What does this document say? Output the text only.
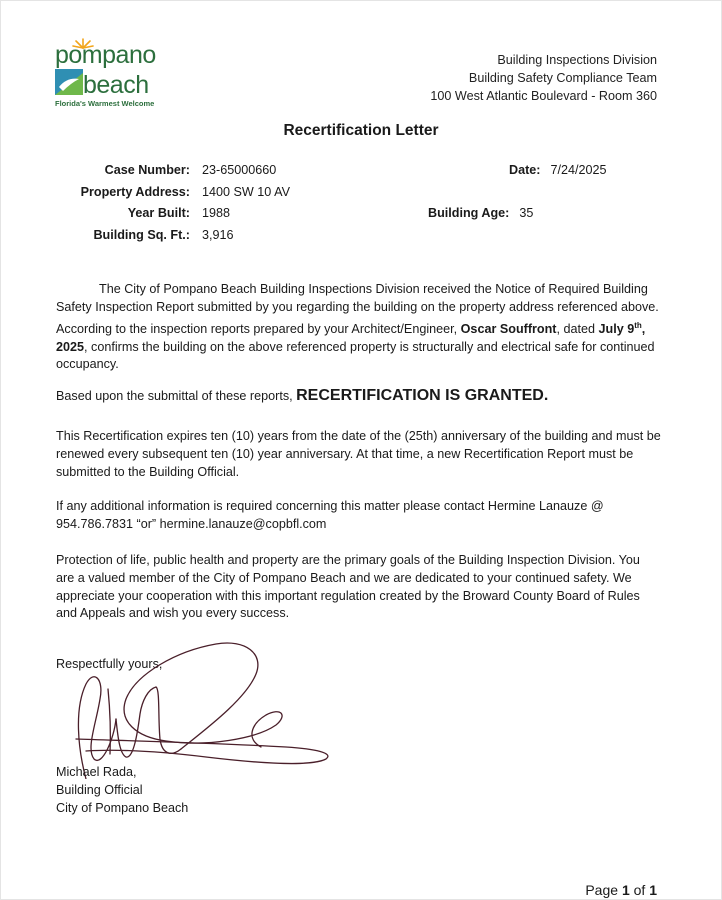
pompano
beach
Florida's Warmest Welcome
Building Inspections Division
Building Safety Compliance Team
100 West Atlantic Boulevard - Room 360
Recertification Letter
Case Number: 23-65000660
Property Address: 1400 SW 10 AV
Year Built: 1988
Building Sq. Ft.: 3,916
Date: 7/24/2025
Building Age: 35
The City of Pompano Beach Building Inspections Division received the Notice of Required Building Safety Inspection Report submitted by you regarding the building on the property address referenced above. According to the inspection reports prepared by your Architect/Engineer, Oscar Souffront, dated July 9th, 2025, confirms the building on the above referenced property is structurally and electrical safe for continued occupancy.
Based upon the submittal of these reports, RECERTIFICATION IS GRANTED.
This Recertification expires ten (10) years from the date of the (25th) anniversary of the building and must be renewed every subsequent ten (10) year anniversary. At that time, a new Recertification Report must be submitted to the Building Official.
If any additional information is required concerning this matter please contact Hermine Lanauze @ 954.786.7831 “or” hermine.lanauze@copbfl.com
Protection of life, public health and property are the primary goals of the Building Inspection Division. You are a valued member of the City of Pompano Beach and we are dedicated to your continued safety. We appreciate your cooperation with this important regulation created by the Broward County Board of Rules and Appeals and wish you every success.
Respectfully yours,
Michael Rada,
Building Official
City of Pompano Beach
Page 1 of 1
